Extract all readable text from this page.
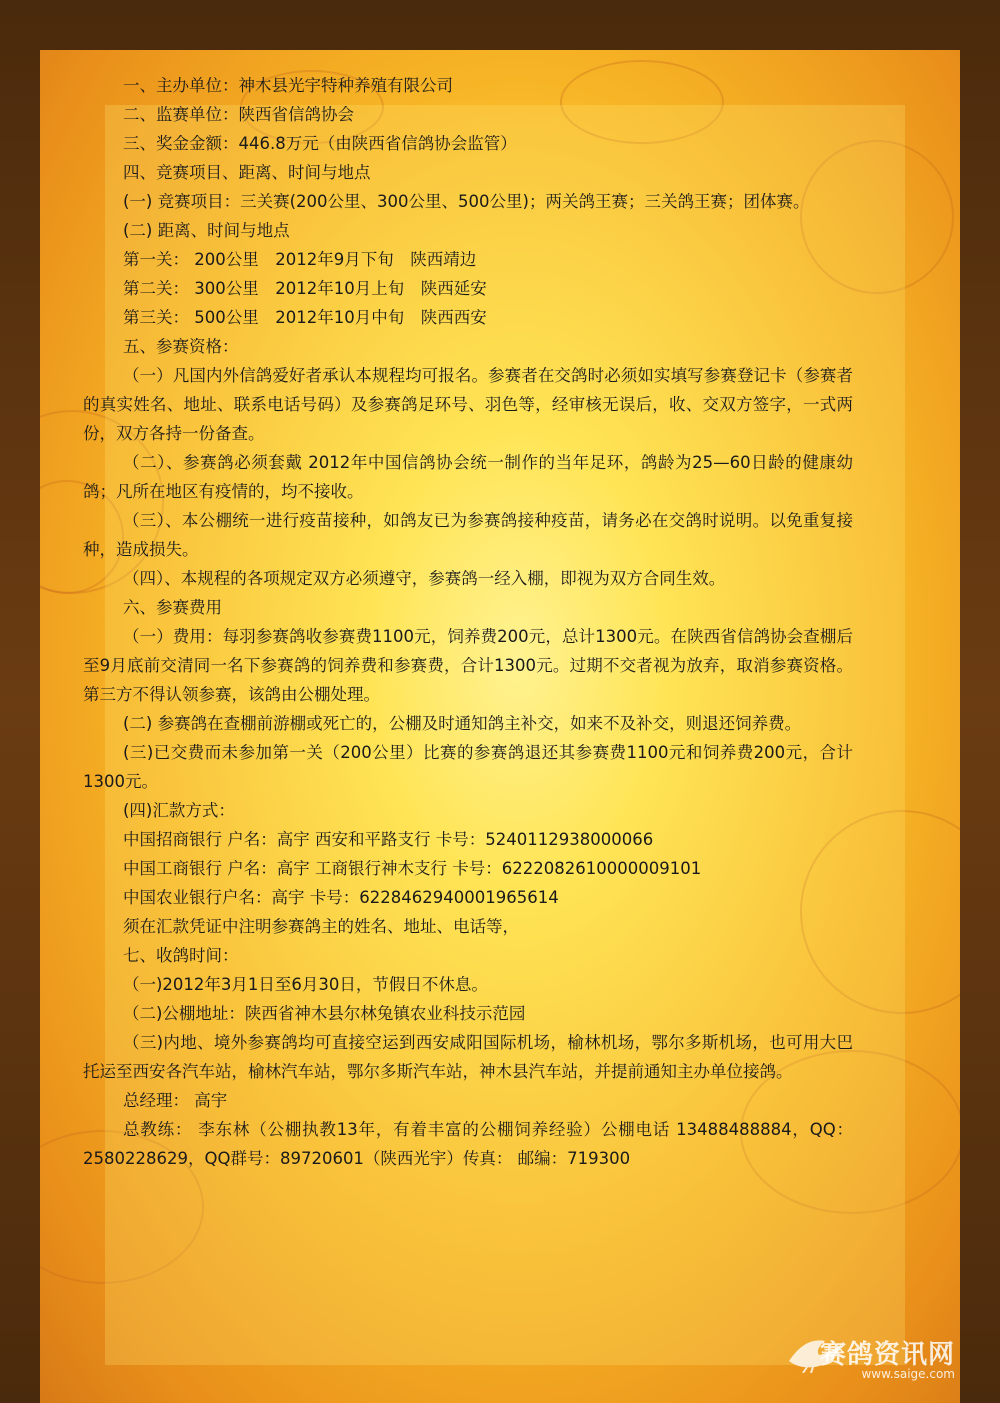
一、主办单位：神木县光宇特种养殖有限公司
二、监赛单位：陕西省信鸽协会
三、奖金金额：446.8万元（由陕西省信鸽协会监管）
四、竞赛项目、距离、时间与地点
(一) 竞赛项目：三关赛(200公里、300公里、500公里)；两关鸽王赛；三关鸽王赛；团体赛。
(二) 距离、时间与地点
第一关： 200公里　2012年9月下旬　陕西靖边
第二关： 300公里　2012年10月上旬　陕西延安
第三关： 500公里　2012年10月中旬　陕西西安
五、参赛资格：
（一）凡国内外信鸽爱好者承认本规程均可报名。参赛者在交鸽时必须如实填写参赛登记卡（参赛者的真实姓名、地址、联系电话号码）及参赛鸽足环号、羽色等，经审核无误后，收、交双方签字，一式两份，双方各持一份备查。
（二）、参赛鸽必须套戴 2012年中国信鸽协会统一制作的当年足环，鸽龄为25—60日龄的健康幼鸽；凡所在地区有疫情的，均不接收。
（三）、本公棚统一进行疫苗接种，如鸽友已为参赛鸽接种疫苗，请务必在交鸽时说明。以免重复接种，造成损失。
（四）、本规程的各项规定双方必须遵守，参赛鸽一经入棚，即视为双方合同生效。
六、参赛费用
（一）费用：每羽参赛鸽收参赛费1100元，饲养费200元，总计1300元。在陕西省信鸽协会查棚后至9月底前交清同一名下参赛鸽的饲养费和参赛费，合计1300元。过期不交者视为放弃，取消参赛资格。第三方不得认领参赛，该鸽由公棚处理。
(二) 参赛鸽在查棚前游棚或死亡的，公棚及时通知鸽主补交，如来不及补交，则退还饲养费。
(三)已交费而未参加第一关（200公里）比赛的参赛鸽退还其参赛费1100元和饲养费200元，合计1300元。
(四)汇款方式：
中国招商银行 户名：高宇 西安和平路支行 卡号：5240112938000066
中国工商银行 户名：高宇 工商银行神木支行 卡号：6222082610000009101
中国农业银行户名：高宇 卡号：6228462940001965614
须在汇款凭证中注明参赛鸽主的姓名、地址、电话等，
七、收鸽时间：
（一)2012年3月1日至6月30日，节假日不休息。
（二)公棚地址：陕西省神木县尔林兔镇农业科技示范园
（三)内地、境外参赛鸽均可直接空运到西安咸阳国际机场，榆林机场，鄂尔多斯机场，也可用大巴托运至西安各汽车站，榆林汽车站，鄂尔多斯汽车站，神木县汽车站，并提前通知主办单位接鸽。
总经理： 高宇
总教练： 李东林（公棚执教13年，有着丰富的公棚饲养经验）公棚电话 13488488884，QQ：2580228629，QQ群号：89720601（陕西光宇）传真： 邮编：719300
赛鸽资讯网
www.saige.com
